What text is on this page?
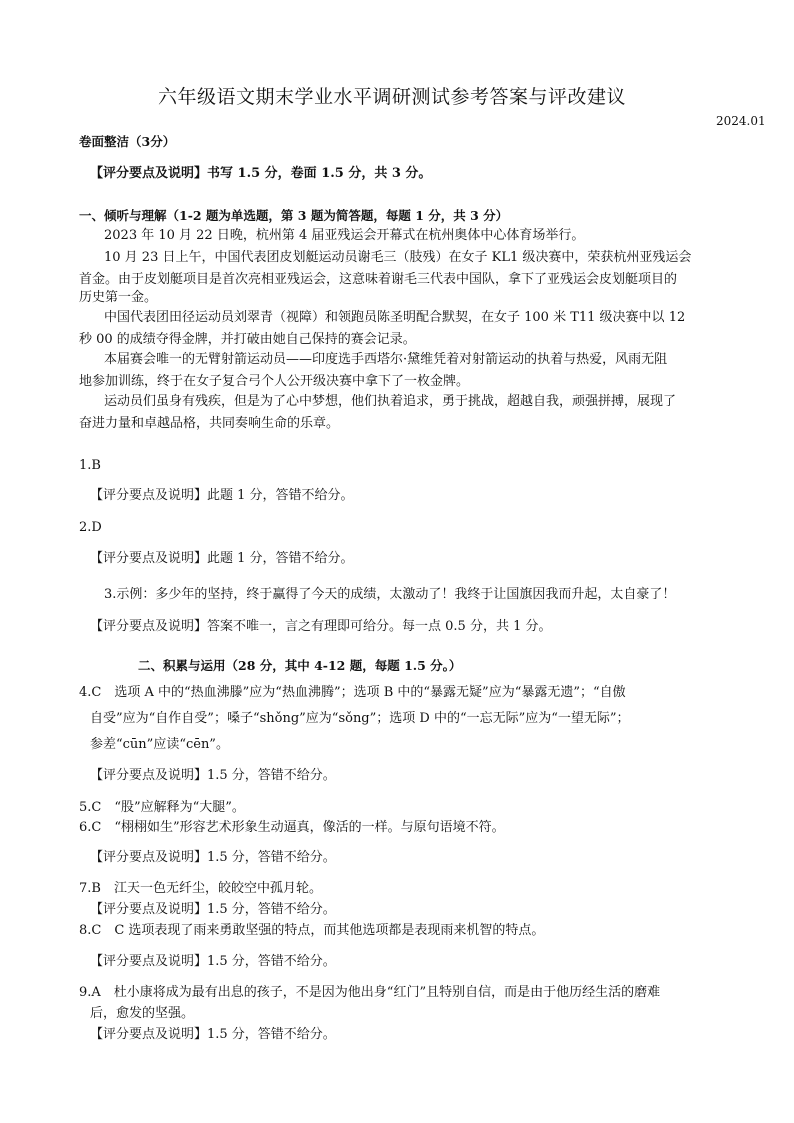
六年级语文期末学业水平调研测试参考答案与评改建议
2024.01
卷面整洁（3分）
【评分要点及说明】书写 1.5 分，卷面 1.5 分，共 3 分。
一、倾听与理解（1-2 题为单选题，第 3 题为简答题，每题 1 分，共 3 分）
2023 年 10 月 22 日晚，杭州第 4 届亚残运会开幕式在杭州奥体中心体育场举行。
10 月 23 日上午，中国代表团皮划艇运动员谢毛三（肢残）在女子 KL1 级决赛中，荣获杭州亚残运会
首金。由于皮划艇项目是首次亮相亚残运会，这意味着谢毛三代表中国队，拿下了亚残运会皮划艇项目的
历史第一金。
中国代表团田径运动员刘翠青（视障）和领跑员陈圣明配合默契，在女子 100 米 T11 级决赛中以 12
秒 00 的成绩夺得金牌，并打破由她自己保持的赛会记录。
本届赛会唯一的无臂射箭运动员——印度选手西塔尔·黛维凭着对射箭运动的执着与热爱，风雨无阻
地参加训练，终于在女子复合弓个人公开级决赛中拿下了一枚金牌。
运动员们虽身有残疾，但是为了心中梦想，他们执着追求，勇于挑战，超越自我，顽强拼搏，展现了
奋进力量和卓越品格，共同奏响生命的乐章。
1.B
【评分要点及说明】此题 1 分，答错不给分。
2.D
【评分要点及说明】此题 1 分，答错不给分。
3.示例：多少年的坚持，终于赢得了今天的成绩，太激动了！我终于让国旗因我而升起，太自豪了！
【评分要点及说明】答案不唯一，言之有理即可给分。每一点 0.5 分，共 1 分。
二、积累与运用（28 分，其中 4-12 题，每题 1.5 分。）
4.C　选项 A 中的“热血沸滕”应为“热血沸腾”；选项 B 中的“暴露无疑”应为“暴露无遗”；“自傲
自受”应为“自作自受”；嗓子“shǒng”应为“sǒng”；选项 D 中的“一忘无际”应为“一望无际”；
参差“cūn”应读“cēn”。
【评分要点及说明】1.5 分，答错不给分。
5.C　“股”应解释为“大腿”。
6.C　“栩栩如生”形容艺术形象生动逼真，像活的一样。与原句语境不符。
【评分要点及说明】1.5 分，答错不给分。
7.B　江天一色无纤尘，皎皎空中孤月轮。
【评分要点及说明】1.5 分，答错不给分。
8.C　C 选项表现了雨来勇敢坚强的特点，而其他选项都是表现雨来机智的特点。
【评分要点及说明】1.5 分，答错不给分。
9.A　杜小康将成为最有出息的孩子，不是因为他出身“红门”且特别自信，而是由于他历经生活的磨难
后，愈发的坚强。
【评分要点及说明】1.5 分，答错不给分。
